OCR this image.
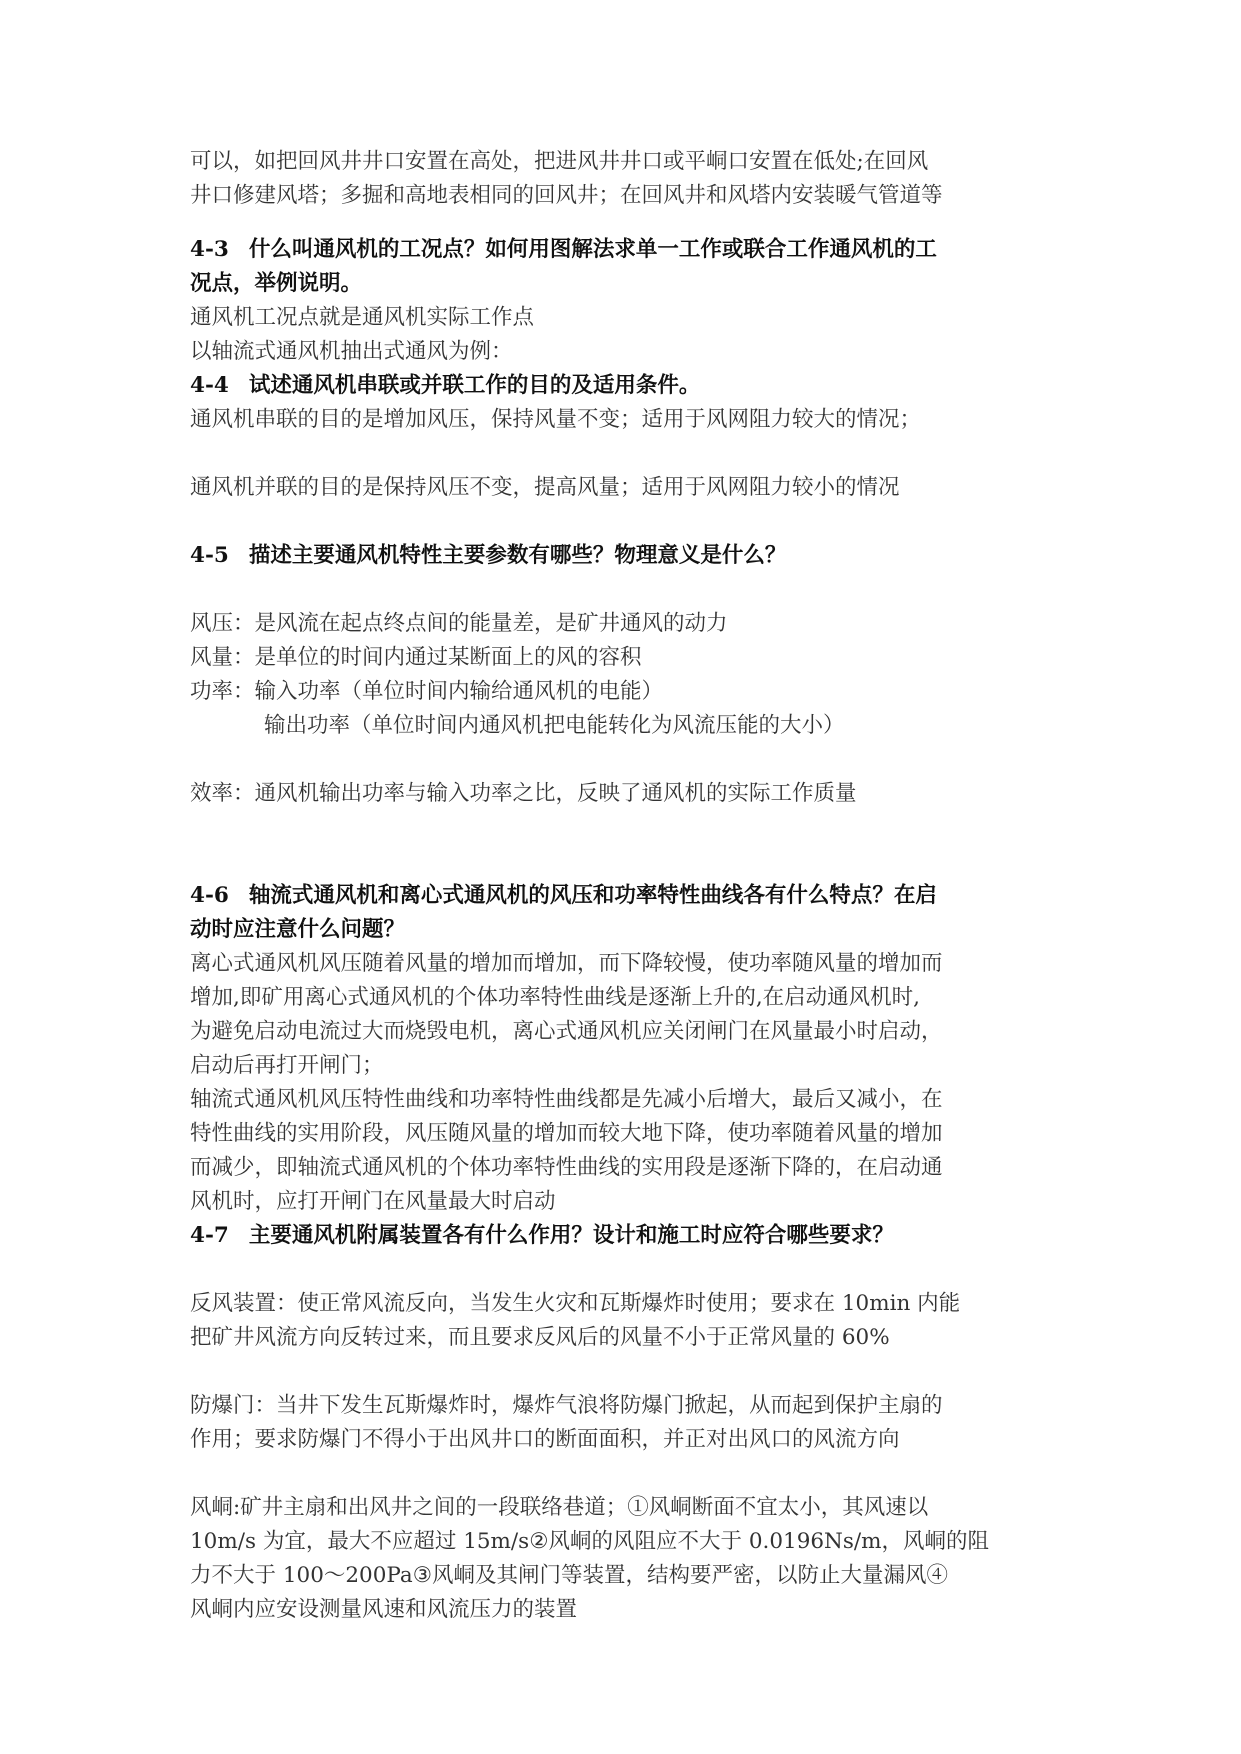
可以，如把回风井井口安置在高处，把进风井井口或平峒口安置在低处;在回风

井口修建风塔；多掘和高地表相同的回风井；在回风井和风塔内安装暖气管道等

4-3 什么叫通风机的工况点？如何用图解法求单一工作或联合工作通风机的工

况点，举例说明。

通风机工况点就是通风机实际工作点

以轴流式通风机抽出式通风为例：

4-4 试述通风机串联或并联工作的目的及适用条件。

通风机串联的目的是增加风压，保持风量不变；适用于风网阻力较大的情况；

通风机并联的目的是保持风压不变，提高风量；适用于风网阻力较小的情况

4-5 描述主要通风机特性主要参数有哪些？物理意义是什么？

风压：是风流在起点终点间的能量差，是矿井通风的动力

风量：是单位的时间内通过某断面上的风的容积

功率：输入功率（单位时间内输给通风机的电能）

输出功率（单位时间内通风机把电能转化为风流压能的大小）

效率：通风机输出功率与输入功率之比，反映了通风机的实际工作质量

4-6 轴流式通风机和离心式通风机的风压和功率特性曲线各有什么特点？在启

动时应注意什么问题？

离心式通风机风压随着风量的增加而增加，而下降较慢，使功率随风量的增加而

增加,即矿用离心式通风机的个体功率特性曲线是逐渐上升的,在启动通风机时,

为避免启动电流过大而烧毁电机，离心式通风机应关闭闸门在风量最小时启动，

启动后再打开闸门；

轴流式通风机风压特性曲线和功率特性曲线都是先减小后增大，最后又减小，在

特性曲线的实用阶段，风压随风量的增加而较大地下降，使功率随着风量的增加

而减少，即轴流式通风机的个体功率特性曲线的实用段是逐渐下降的，在启动通

风机时，应打开闸门在风量最大时启动

4-7 主要通风机附属装置各有什么作用？设计和施工时应符合哪些要求？

反风装置：使正常风流反向，当发生火灾和瓦斯爆炸时使用；要求在 10min 内能

把矿井风流方向反转过来，而且要求反风后的风量不小于正常风量的 60%

防爆门：当井下发生瓦斯爆炸时，爆炸气浪将防爆门掀起，从而起到保护主扇的

作用；要求防爆门不得小于出风井口的断面面积，并正对出风口的风流方向

风峒:矿井主扇和出风井之间的一段联络巷道；①风峒断面不宜太小，其风速以

10m/s 为宜，最大不应超过 15m/s②风峒的风阻应不大于 0.0196Ns/m，风峒的阻

力不大于 100～200Pa③风峒及其闸门等装置，结构要严密，以防止大量漏风④

风峒内应安设测量风速和风流压力的装置
